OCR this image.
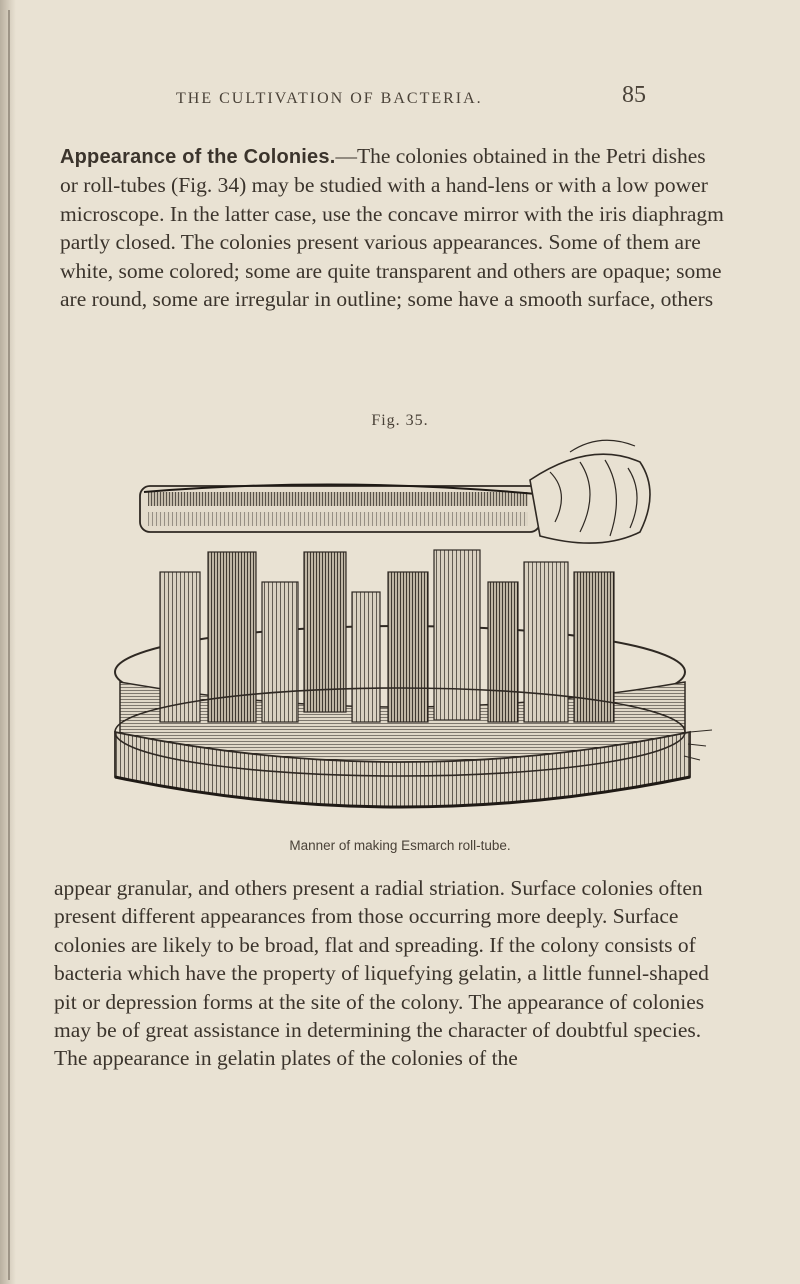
THE CULTIVATION OF BACTERIA.	85

Appearance of the Colonies.—The colonies obtained in the Petri dishes or roll-tubes (Fig. 34) may be studied with a hand-lens or with a low power microscope. In the latter case, use the concave mirror with the iris diaphragm partly closed. The colonies present various appearances. Some of them are white, some colored; some are quite transparent and others are opaque; some are round, some are irregular in outline; some have a smooth surface, others

Fig. 35.
Manner of making Esmarch roll-tube.

appear granular, and others present a radial striation. Surface colonies often present different appearances from those occurring more deeply. Surface colonies are likely to be broad, flat and spreading. If the colony consists of bacteria which have the property of liquefying gelatin, a little funnel-shaped pit or depression forms at the site of the colony. The appearance of colonies may be of great assistance in determining the character of doubtful species. The appearance in gelatin plates of the colonies of the
